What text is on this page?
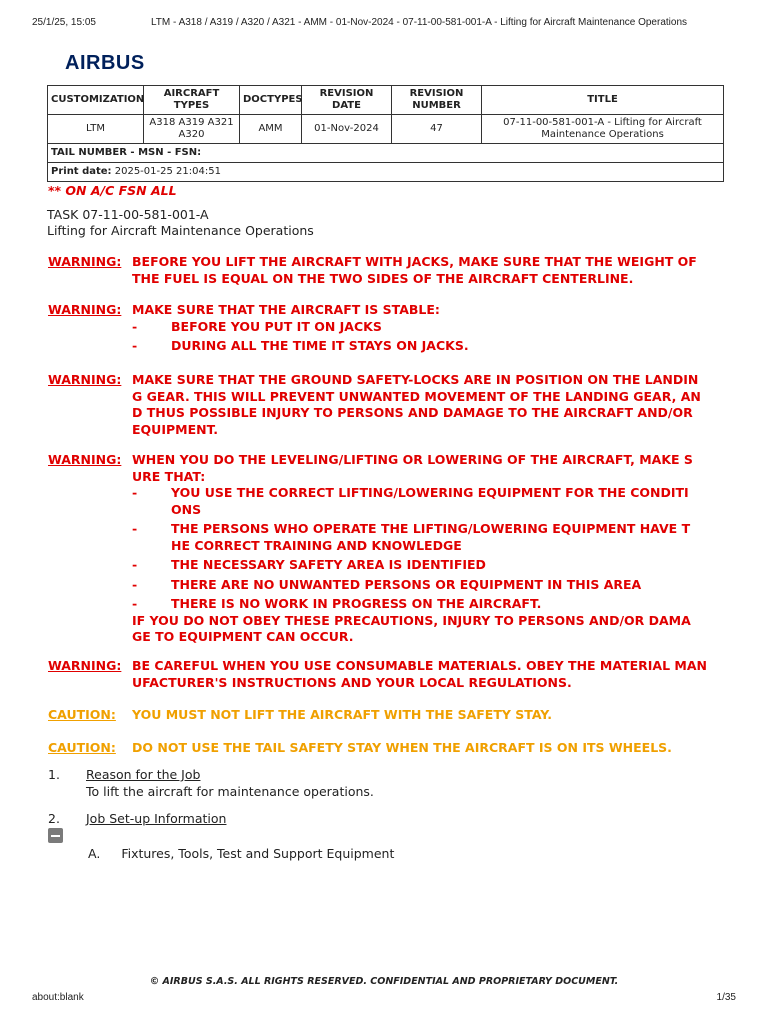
25/1/25, 15:05	LTM - A318 / A319 / A320 / A321 - AMM - 01-Nov-2024 - 07-11-00-581-001-A - Lifting for Aircraft Maintenance Operations
AIRBUS
CUSTOMIZATION	AIRCRAFT TYPES	DOCTYPES	REVISION DATE	REVISION NUMBER	TITLE
LTM	A318 A319 A321 A320	AMM	01-Nov-2024	47	07-11-00-581-001-A - Lifting for Aircraft Maintenance Operations
TAIL NUMBER - MSN - FSN:					
Print date: 2025-01-25 21:04:51					
** ON A/C FSN ALL
TASK 07-11-00-581-001-A
Lifting for Aircraft Maintenance Operations
WARNING: BEFORE YOU LIFT THE AIRCRAFT WITH JACKS, MAKE SURE THAT THE WEIGHT OF
THE FUEL IS EQUAL ON THE TWO SIDES OF THE AIRCRAFT CENTERLINE.
WARNING: MAKE SURE THAT THE AIRCRAFT IS STABLE:
-	BEFORE YOU PUT IT ON JACKS
-	DURING ALL THE TIME IT STAYS ON JACKS.
WARNING: MAKE SURE THAT THE GROUND SAFETY-LOCKS ARE IN POSITION ON THE LANDIN
G GEAR. THIS WILL PREVENT UNWANTED MOVEMENT OF THE LANDING GEAR, AN
D THUS POSSIBLE INJURY TO PERSONS AND DAMAGE TO THE AIRCRAFT AND/OR
EQUIPMENT.
WARNING: WHEN YOU DO THE LEVELING/LIFTING OR LOWERING OF THE AIRCRAFT, MAKE S
URE THAT:
-	YOU USE THE CORRECT LIFTING/LOWERING EQUIPMENT FOR THE CONDITI
ONS
-	THE PERSONS WHO OPERATE THE LIFTING/LOWERING EQUIPMENT HAVE T
HE CORRECT TRAINING AND KNOWLEDGE
-	THE NECESSARY SAFETY AREA IS IDENTIFIED
-	THERE ARE NO UNWANTED PERSONS OR EQUIPMENT IN THIS AREA
-	THERE IS NO WORK IN PROGRESS ON THE AIRCRAFT.
IF YOU DO NOT OBEY THESE PRECAUTIONS, INJURY TO PERSONS AND/OR DAMA
GE TO EQUIPMENT CAN OCCUR.
WARNING: BE CAREFUL WHEN YOU USE CONSUMABLE MATERIALS. OBEY THE MATERIAL MAN
UFACTURER'S INSTRUCTIONS AND YOUR LOCAL REGULATIONS.
CAUTION: YOU MUST NOT LIFT THE AIRCRAFT WITH THE SAFETY STAY.
CAUTION: DO NOT USE THE TAIL SAFETY STAY WHEN THE AIRCRAFT IS ON ITS WHEELS.
1. Reason for the Job
To lift the aircraft for maintenance operations.
2. Job Set-up Information
A. Fixtures, Tools, Test and Support Equipment
© AIRBUS S.A.S. ALL RIGHTS RESERVED. CONFIDENTIAL AND PROPRIETARY DOCUMENT.
about:blank	1/35
